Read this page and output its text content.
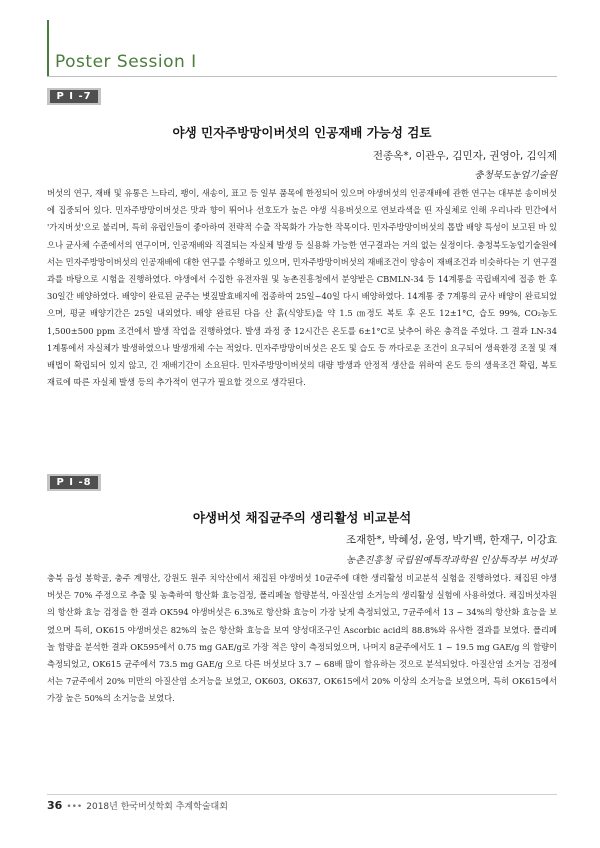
Poster Session I
P I -7
야생 민자주방망이버섯의 인공재배 가능성 검토
전종옥*, 이관우, 김민자, 권영아, 김익제
충청북도농업기술원
버섯의 연구, 재배 및 유통은 느타리, 팽이, 새송이, 표고 등 일부 품목에 한정되어 있으며 야생버섯의 인공재배에 관한 연구는 대부분 송이버섯에 집중되어 있다. 민자주방망이버섯은 맛과 향이 뛰어나 선호도가 높은 야생 식용버섯으로 연보라색을 띤 자실체로 인해 우리나라 민간에서 '가지버섯'으로 불리며, 특히 유럽인들이 좋아하여 전략적 수출 작목화가 가능한 작목이다. 민자주방망이버섯의 톱밥 배양 특성이 보고된 바 있으나 균사체 수준에서의 연구이며, 인공재배와 직결되는 자실체 발생 등 실용화 가능한 연구결과는 거의 없는 실정이다. 충청북도농업기술원에서는 민자주방망이버섯의 인공재배에 대한 연구를 수행하고 있으며, 민자주방망이버섯의 재배조건이 양송이 재배조건과 비슷하다는 기 연구결과를 바탕으로 시험을 진행하였다. 야생에서 수집한 유전자원 및 농촌진흥청에서 분양받은 CBMLN-34 등 14계통을 곡립배지에 접종 한 후 30일간 배양하였다. 배양이 완료된 균주는 볏짚발효배지에 접종하여 25일~40일 다시 배양하였다. 14계통 중 7계통의 균사 배양이 완료되었으며, 평균 배양기간은 25일 내외였다. 배양 완료된 다음 산 흙(식양토)을 약 1.5 ㎝정도 복토 후 온도 12±1°C, 습도 99%, CO₂농도 1,500±500 ppm 조건에서 발생 작업을 진행하였다. 발생 과정 중 12시간은 온도를 6±1°C로 낮추어 하온 충격을 주었다. 그 결과 LN-34 1계통에서 자실체가 발생하였으나 발생개체 수는 적었다. 민자주방망이버섯은 온도 및 습도 등 까다로운 조건이 요구되어 생육환경 조절 및 재배법이 확립되어 있지 않고, 긴 재배기간이 소요된다. 민자주방망이버섯의 대량 방생과 안정적 생산을 위하여 온도 등의 생육조건 확립, 복토 재료에 따른 자실체 발생 등의 추가적이 연구가 필요할 것으로 생각된다.
P I -8
야생버섯 채집균주의 생리활성 비교분석
조재한*, 박혜성, 윤영, 박기백, 한재구, 이강효
농촌진흥청 국립원예특작과학원 인삼특작부 버섯과
충북 음성 봉학골, 충주 계명산, 강원도 원주 치악산에서 채집된 야생버섯 10균주에 대한 생리활성 비교분석 실험을 진행하였다. 채집된 야생버섯은 70% 주정으로 추출 및 농축하여 항산화 효능검정, 폴리페놀 함량분석, 아질산염 소거능의 생리활성 실험에 사용하였다. 채집버섯자원의 항산화 효능 검정을 한 결과 OK594 야생버섯은 6.3%로 항산화 효능이 가장 낮게 측정되었고, 7균주에서 13 ~ 34%의 항산화 효능을 보였으며 특히, OK615 야생버섯은 82%의 높은 항산화 효능을 보여 양성대조구인 Ascorbic acid의 88.8%와 유사한 결과를 보였다. 폴리페놀 함량을 분석한 결과 OK595에서 0.75 mg GAE/g로 가장 적은 양이 측정되었으며, 나머지 8균주에서도 1 ~ 19.5 mg GAE/g 의 함량이 측정되었고, OK615 균주에서 73.5 mg GAE/g 으로 다른 버섯보다 3.7 ~ 68배 많이 함유하는 것으로 분석되었다. 아질산염 소거능 검정에서는 7균주에서 20% 미만의 아질산염 소거능을 보였고, OK603, OK637, OK615에서 20% 이상의 소거능을 보였으며, 특히 OK615에서 가장 높은 50%의 소거능을 보였다.
36 ••• 2018년 한국버섯학회 추계학술대회
